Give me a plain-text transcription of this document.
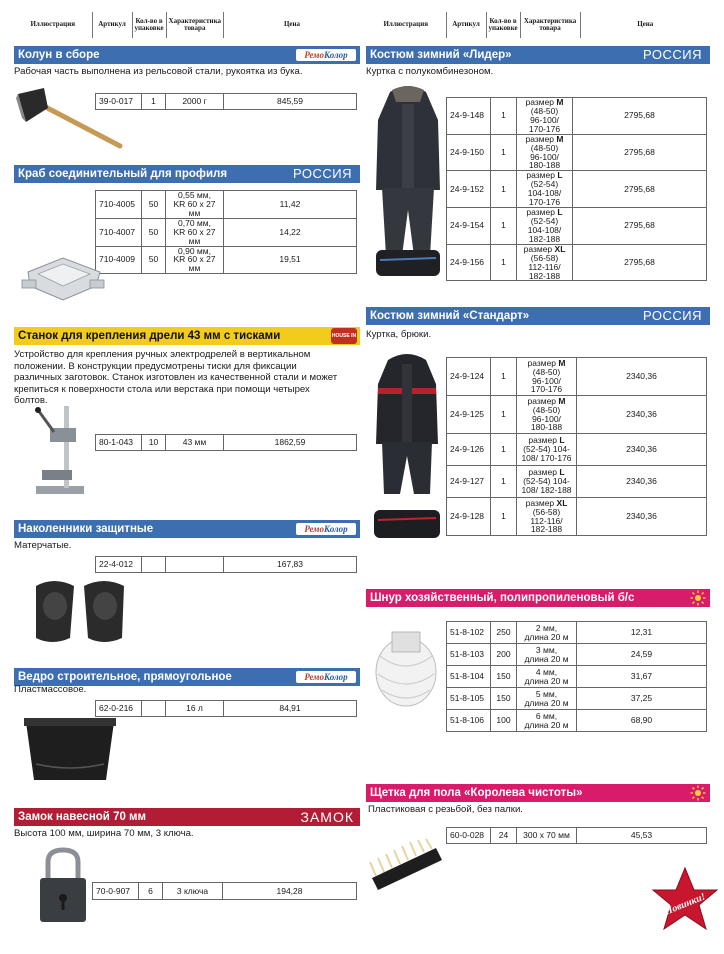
Иллюстрация	Артикул	Кол-во в упаковке	Характеристика товара	Цена	Иллюстрация	Артикул	Кол-во в упаковке	Характеристика товара	Цена
Колун в сборе	РемоКолор
Рабочая часть выполнена из рельсовой стали, рукоятка из бука.
39-0-017	1	2000 г	845,59
Краб соединительный для профиля	РОССИЯ
710-4005	50	0,55 мм,
KR 60 x 27 мм	11,42
710-4007	50	0,70 мм,
KR 60 x 27 мм	14,22
710-4009	50	0,90 мм,
KR 60 x 27 мм	19,51
Станок для крепления дрели 43 мм с тисками	HOUSE IN
Устройство для крепления ручных электродрелей в вертикальном положении. В конструкции предусмотрены тиски для фиксации различных заготовок. Станок изготовлен из качественной стали и может крепиться к поверхности стола или верстака при помощи четырех болтов.
80-1-043	10	43 мм	1862,59
Наколенники защитные	РемоКолор
Матерчатые.
22-4-012			167,83
Ведро строительное, прямоугольное	РемоКолор
Пластмассовое.
62-0-216		16 л	84,91
Замок навесной 70 мм	ЗАМОК
Высота 100 мм, ширина 70 мм, 3 ключа.
70-0-907	6	3 ключа	194,28
Костюм зимний «Лидер»	РОССИЯ
Куртка с полукомбинезоном.
24-9-148	1	размер M
(48-50)
96-100/
170-176	2795,68
24-9-150	1	размер M
(48-50)
96-100/
180-188	2795,68
24-9-152	1	размер L
(52-54)
104-108/
170-176	2795,68
24-9-154	1	размер L
(52-54)
104-108/
182-188	2795,68
24-9-156	1	размер XL
(56-58)
112-116/
182-188	2795,68
Костюм зимний «Стандарт»	РОССИЯ
Куртка, брюки.
24-9-124	1	размер M
(48-50)
96-100/
170-176	2340,36
24-9-125	1	размер M
(48-50)
96-100/
180-188	2340,36
24-9-126	1	размер L
(52-54) 104-
108/ 170-176	2340,36
24-9-127	1	размер L
(52-54) 104-
108/ 182-188	2340,36
24-9-128	1	размер XL
(56-58)
112-116/
182-188	2340,36
Шнур хозяйственный, полипропиленовый б/с
51-8-102	250	2 мм,
длина 20 м	12,31
51-8-103	200	3 мм,
длина 20 м	24,59
51-8-104	150	4 мм,
длина 20 м	31,67
51-8-105	150	5 мм,
длина 20 м	37,25
51-8-106	100	6 мм,
длина 20 м	68,90
Щетка для пола «Королева чистоты»
Пластиковая с резьбой, без палки.
60-0-028	24	300 x 70 мм	45,53
Новинки!
